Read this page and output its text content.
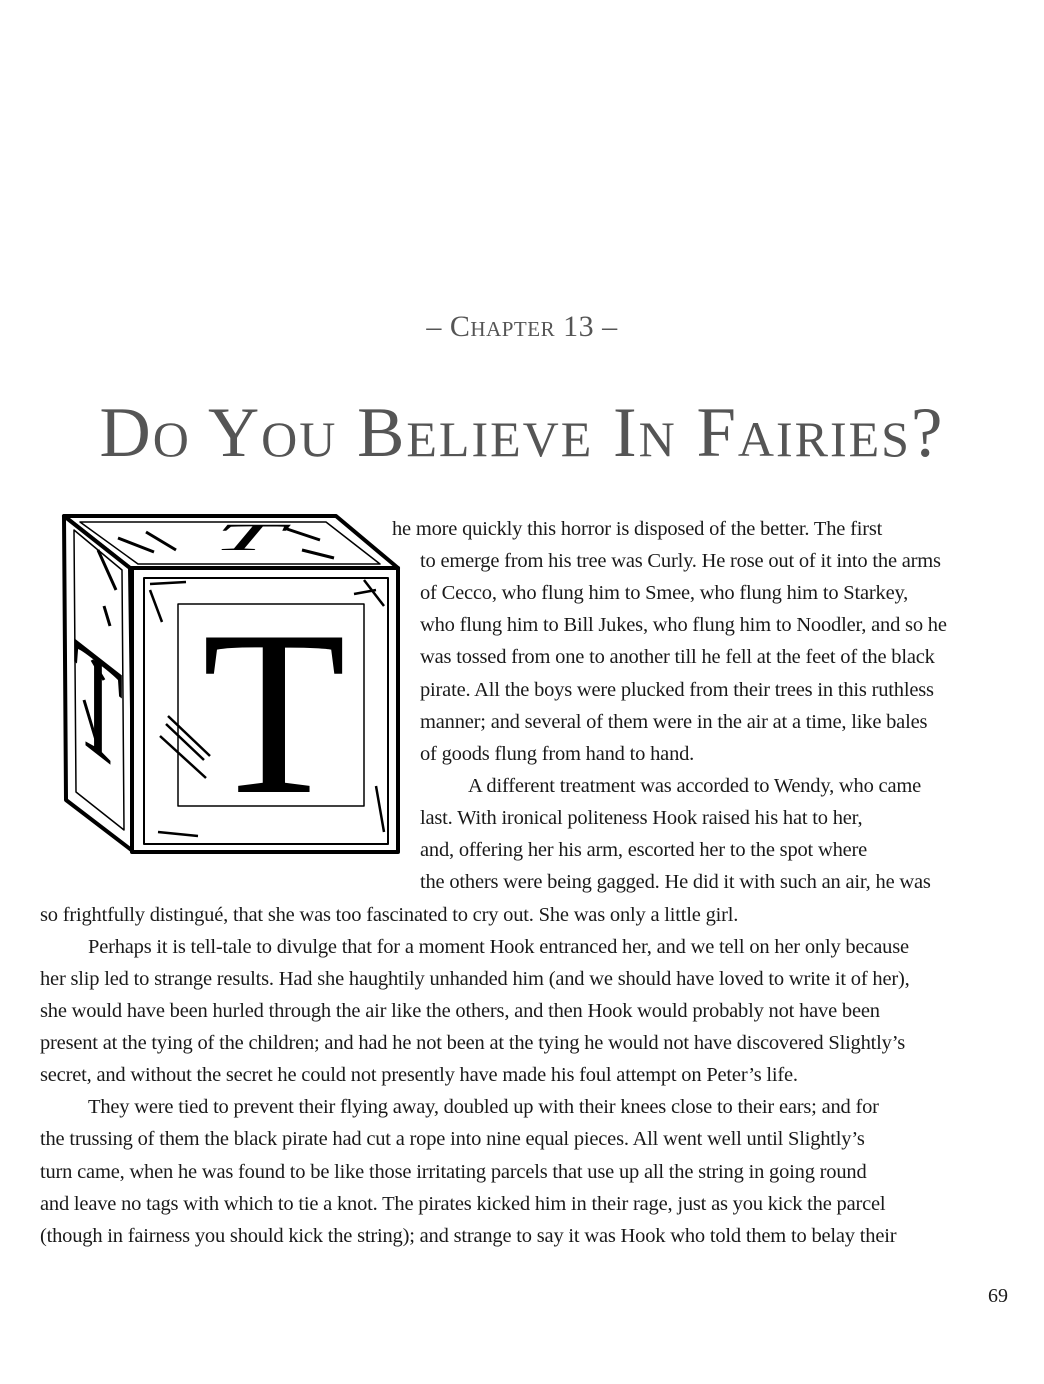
– Chapter 13 –
Do You Believe In Fairies?
T
T
T
he more quickly this horror is disposed of the better. The first
to emerge from his tree was Curly. He rose out of it into the arms
of Cecco, who flung him to Smee, who flung him to Starkey,
who flung him to Bill Jukes, who flung him to Noodler, and so he
was tossed from one to another till he fell at the feet of the black
pirate. All the boys were plucked from their trees in this ruthless
manner; and several of them were in the air at a time, like bales
of goods flung from hand to hand.
A different treatment was accorded to Wendy, who came
last. With ironical politeness Hook raised his hat to her,
and, offering her his arm, escorted her to the spot where
the others were being gagged. He did it with such an air, he was
so frightfully distingué, that she was too fascinated to cry out. She was only a little girl.
Perhaps it is tell-tale to divulge that for a moment Hook entranced her, and we tell on her only because
her slip led to strange results. Had she haughtily unhanded him (and we should have loved to write it of her),
she would have been hurled through the air like the others, and then Hook would probably not have been
present at the tying of the children; and had he not been at the tying he would not have discovered Slightly’s
secret, and without the secret he could not presently have made his foul attempt on Peter’s life.
They were tied to prevent their flying away, doubled up with their knees close to their ears; and for
the trussing of them the black pirate had cut a rope into nine equal pieces. All went well until Slightly’s
turn came, when he was found to be like those irritating parcels that use up all the string in going round
and leave no tags with which to tie a knot. The pirates kicked him in their rage, just as you kick the parcel
(though in fairness you should kick the string); and strange to say it was Hook who told them to belay their
69
